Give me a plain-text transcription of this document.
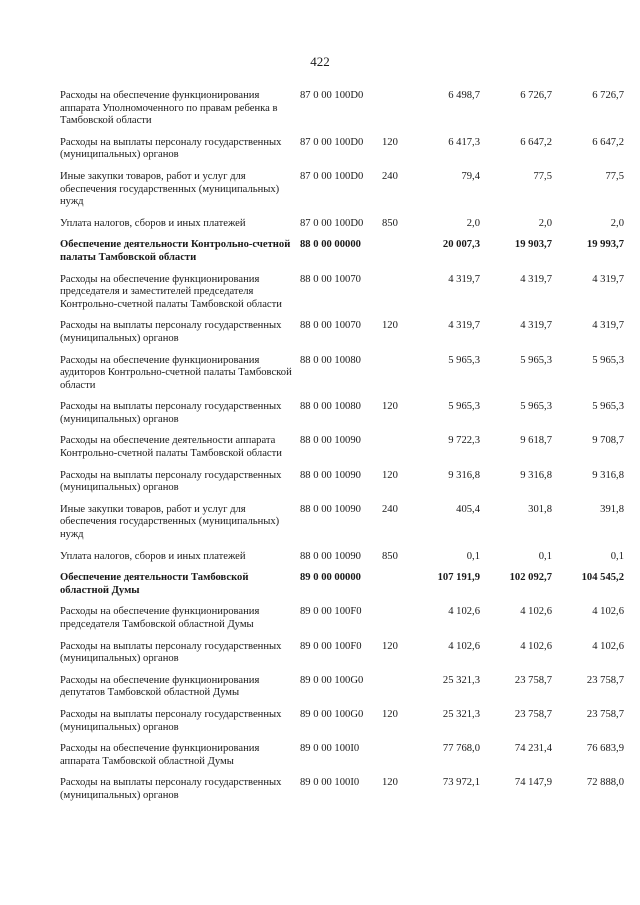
422
Расходы на обеспечение функционирования аппарата Уполномоченного по правам ребенка в Тамбовской области	87 0 00 100D0		6 498,7	6 726,7	6 726,7
Расходы на выплаты персоналу государственных (муниципальных) органов	87 0 00 100D0	120	6 417,3	6 647,2	6 647,2
Иные закупки товаров, работ и услуг для обеспечения государственных (муниципальных) нужд	87 0 00 100D0	240	79,4	77,5	77,5
Уплата налогов, сборов и иных платежей	87 0 00 100D0	850	2,0	2,0	2,0
Обеспечение деятельности Контрольно-счетной палаты Тамбовской области	88 0 00 00000		20 007,3	19 903,7	19 993,7
Расходы на обеспечение функционирования председателя и заместителей председателя Контрольно-счетной палаты Тамбовской области	88 0 00 10070		4 319,7	4 319,7	4 319,7
Расходы на выплаты персоналу государственных (муниципальных) органов	88 0 00 10070	120	4 319,7	4 319,7	4 319,7
Расходы на обеспечение функционирования аудиторов Контрольно-счетной палаты Тамбовской области	88 0 00 10080		5 965,3	5 965,3	5 965,3
Расходы на выплаты персоналу государственных (муниципальных) органов	88 0 00 10080	120	5 965,3	5 965,3	5 965,3
Расходы на обеспечение деятельности аппарата Контрольно-счетной палаты Тамбовской области	88 0 00 10090		9 722,3	9 618,7	9 708,7
Расходы на выплаты персоналу государственных (муниципальных) органов	88 0 00 10090	120	9 316,8	9 316,8	9 316,8
Иные закупки товаров, работ и услуг для обеспечения государственных (муниципальных) нужд	88 0 00 10090	240	405,4	301,8	391,8
Уплата налогов, сборов и иных платежей	88 0 00 10090	850	0,1	0,1	0,1
Обеспечение деятельности Тамбовской областной Думы	89 0 00 00000		107 191,9	102 092,7	104 545,2
Расходы на обеспечение функционирования председателя Тамбовской областной Думы	89 0 00 100F0		4 102,6	4 102,6	4 102,6
Расходы на выплаты персоналу государственных (муниципальных) органов	89 0 00 100F0	120	4 102,6	4 102,6	4 102,6
Расходы на обеспечение функционирования депутатов Тамбовской областной Думы	89 0 00 100G0		25 321,3	23 758,7	23 758,7
Расходы на выплаты персоналу государственных (муниципальных) органов	89 0 00 100G0	120	25 321,3	23 758,7	23 758,7
Расходы на обеспечение функционирования аппарата Тамбовской областной Думы	89 0 00 100I0		77 768,0	74 231,4	76 683,9
Расходы на выплаты персоналу государственных (муниципальных) органов	89 0 00 100I0	120	73 972,1	74 147,9	72 888,0
